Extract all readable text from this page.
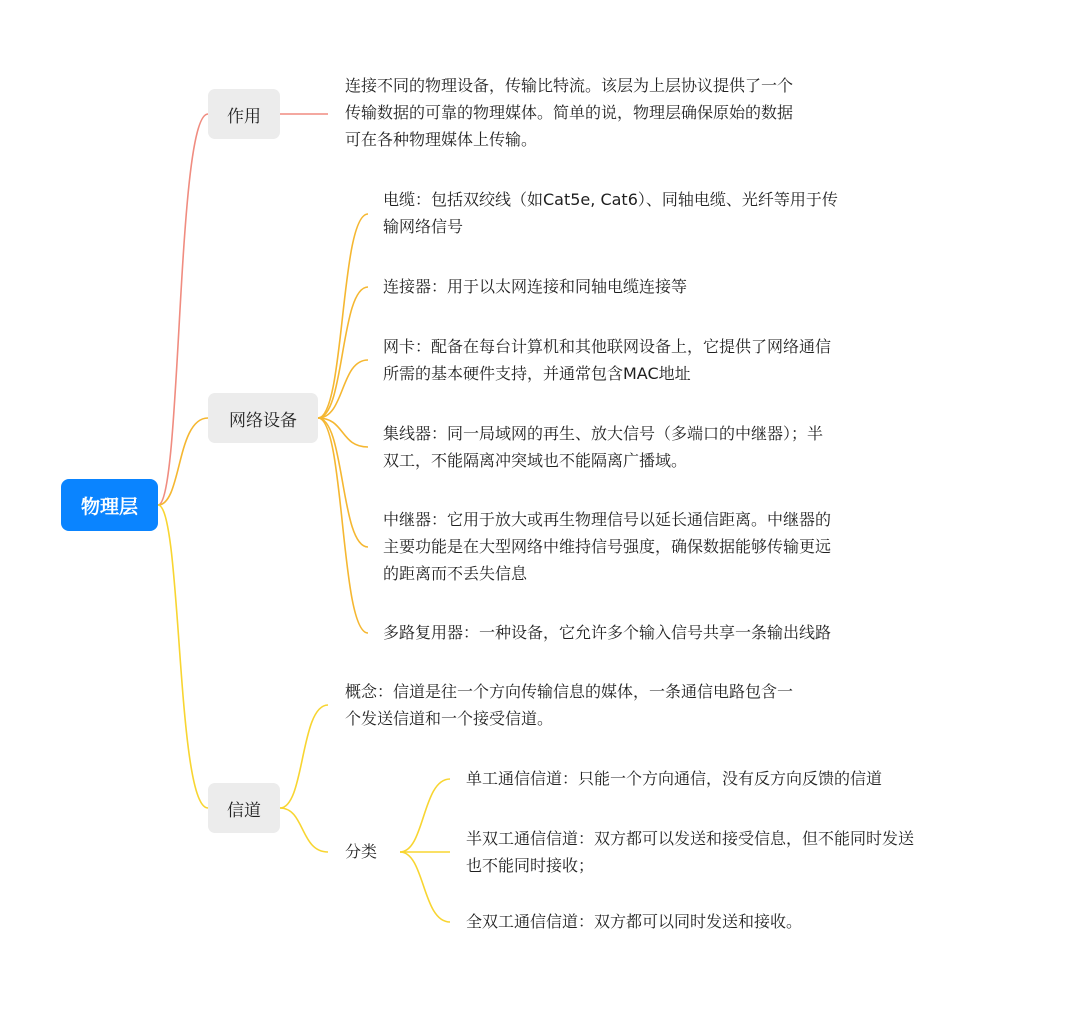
物理层
作用
连接不同的物理设备，传输比特流。该层为上层协议提供了一个
传输数据的可靠的物理媒体。简单的说，物理层确保原始的数据
可在各种物理媒体上传输。
网络设备
电缆：包括双绞线（如Cat5e, Cat6）、同轴电缆、光纤等用于传
输网络信号
连接器：用于以太网连接和同轴电缆连接等
网卡：配备在每台计算机和其他联网设备上，它提供了网络通信
所需的基本硬件支持，并通常包含MAC地址
集线器：同一局域网的再生、放大信号（多端口的中继器）；半
双工，不能隔离冲突域也不能隔离广播域。
中继器：它用于放大或再生物理信号以延长通信距离。中继器的
主要功能是在大型网络中维持信号强度，确保数据能够传输更远
的距离而不丢失信息
多路复用器：一种设备，它允许多个输入信号共享一条输出线路
信道
概念：信道是往一个方向传输信息的媒体，一条通信电路包含一
个发送信道和一个接受信道。
分类
单工通信信道：只能一个方向通信，没有反方向反馈的信道
半双工通信信道：双方都可以发送和接受信息，但不能同时发送
也不能同时接收；
全双工通信信道：双方都可以同时发送和接收。
